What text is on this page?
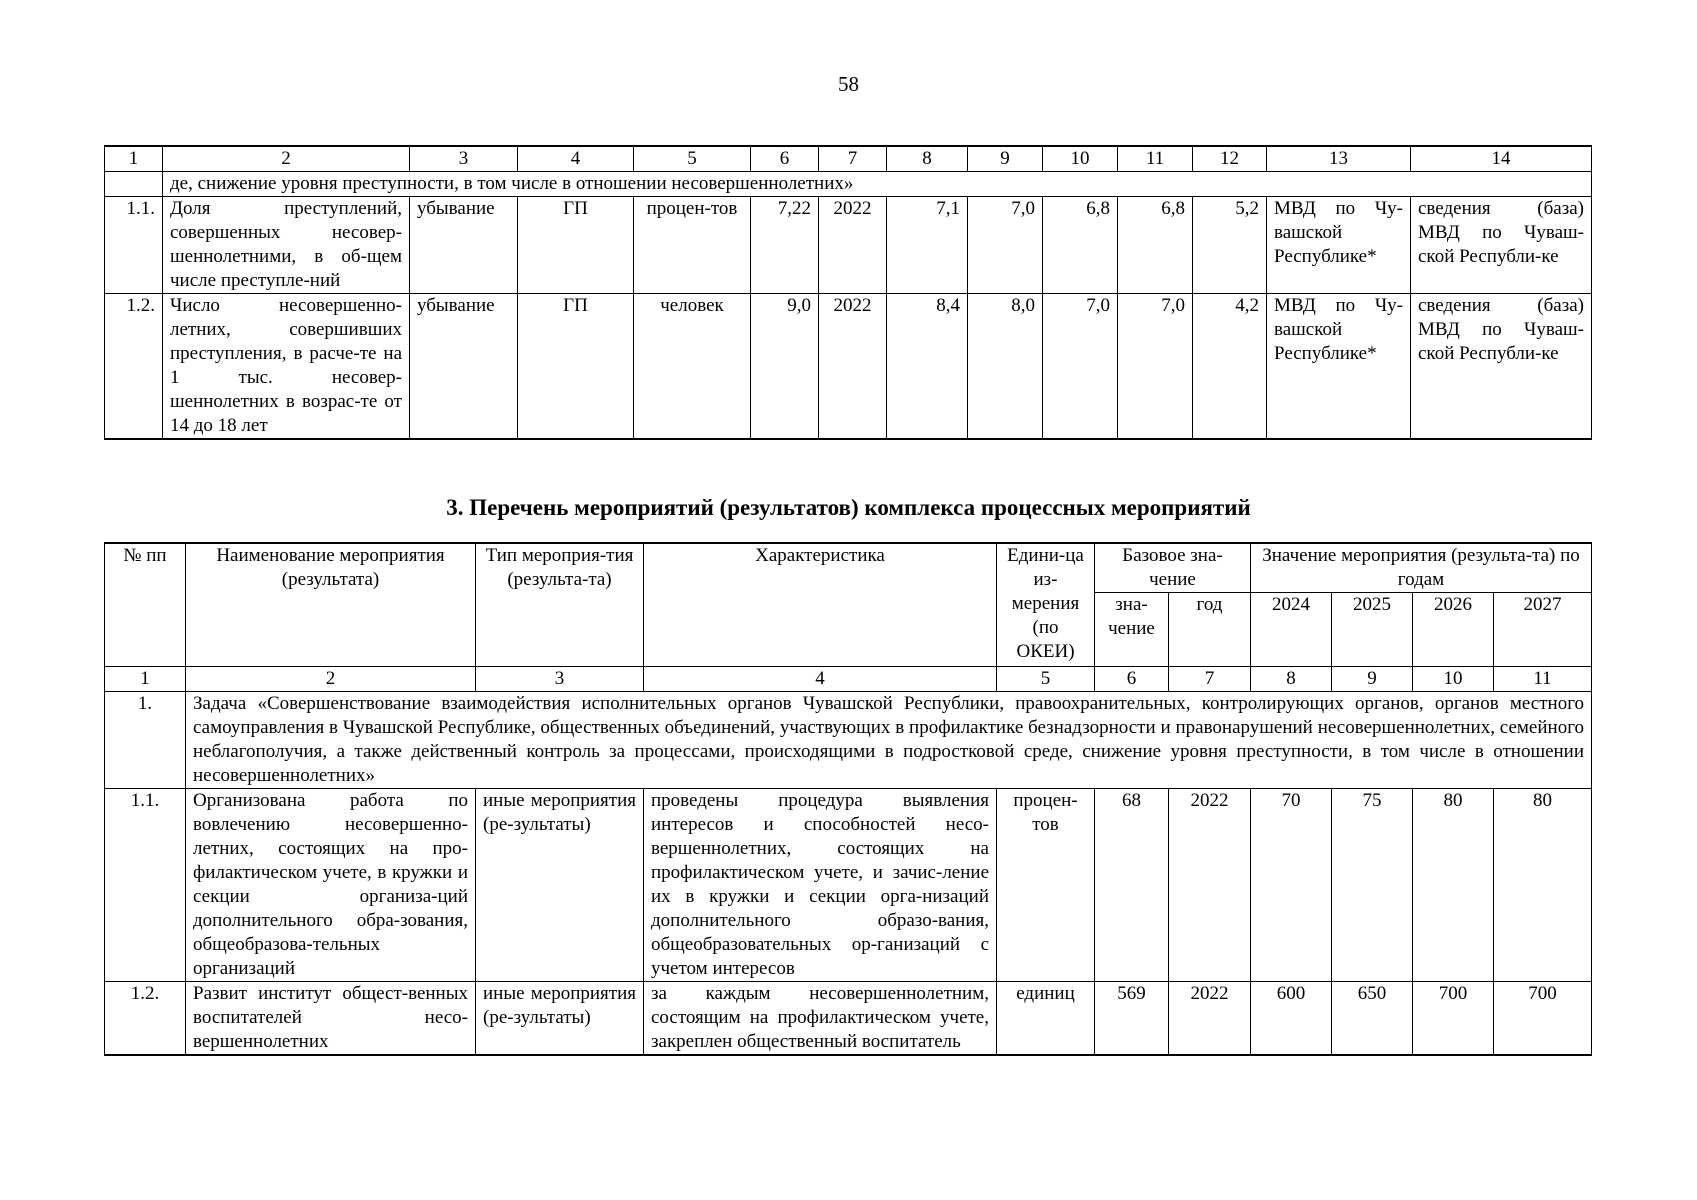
58
1	2	3	4	5	6	7	8	9	10	11	12	13	14
	де, снижение уровня преступности, в том числе в отношении несовершеннолетних»												
1.1.	Доля преступлений, совершенных несовер-шеннолетними, в об-щем числе преступле-ний	убывание	ГП	процен-тов	7,22	2022	7,1	7,0	6,8	6,8	5,2	МВД по Чу-вашской Республике*	сведения (база) МВД по Чуваш-ской Республи-ке
1.2.	Число несовершенно-летних, совершивших преступления, в расче-те на 1 тыс. несовер-шеннолетних в возрас-те от 14 до 18 лет	убывание	ГП	человек	9,0	2022	8,4	8,0	7,0	7,0	4,2	МВД по Чу-вашской Республике*	сведения (база) МВД по Чуваш-ской Республи-ке
3. Перечень мероприятий (результатов) комплекса процессных мероприятий
№ пп	Наименование мероприятия (результата)	Тип мероприя-тия (результа-та)	Характеристика	Едини-ца из-мерения (по ОКЕИ)	Базовое зна-чение		Значение мероприятия (результа-та) по годам			
					зна-чение	год	2024	2025	2026	2027
1	2	3	4	5	6	7	8	9	10	11
1.	Задача «Совершенствование взаимодействия исполнительных органов Чувашской Республики, правоохранительных, контролирующих органов, органов местного самоуправления в Чувашской Республике, общественных объединений, участвующих в профилактике безнадзорности и правонарушений несовершеннолетних, семейного неблагополучия, а также действенный контроль за процессами, происходящими в подростковой среде, снижение уровня преступности, в том числе в отношении несовершеннолетних»									
1.1.	Организована работа по вовлечению несовершенно-летних, состоящих на про-филактическом учете, в кружки и секции организа-ций дополнительного обра-зования, общеобразова-тельных организаций	иные мероприятия (ре-зультаты)	проведены процедура выявления интересов и способностей несо-вершеннолетних, состоящих на профилактическом учете, и зачис-ление их в кружки и секции орга-низаций дополнительного образо-вания, общеобразовательных ор-ганизаций с учетом интересов	процен-тов	68	2022	70	75	80	80
1.2.	Развит институт общест-венных воспитателей несо-вершеннолетних	иные мероприятия (ре-зультаты)	за каждым несовершеннолетним, состоящим на профилактическом учете, закреплен общественный воспитатель	единиц	569	2022	600	650	700	700
